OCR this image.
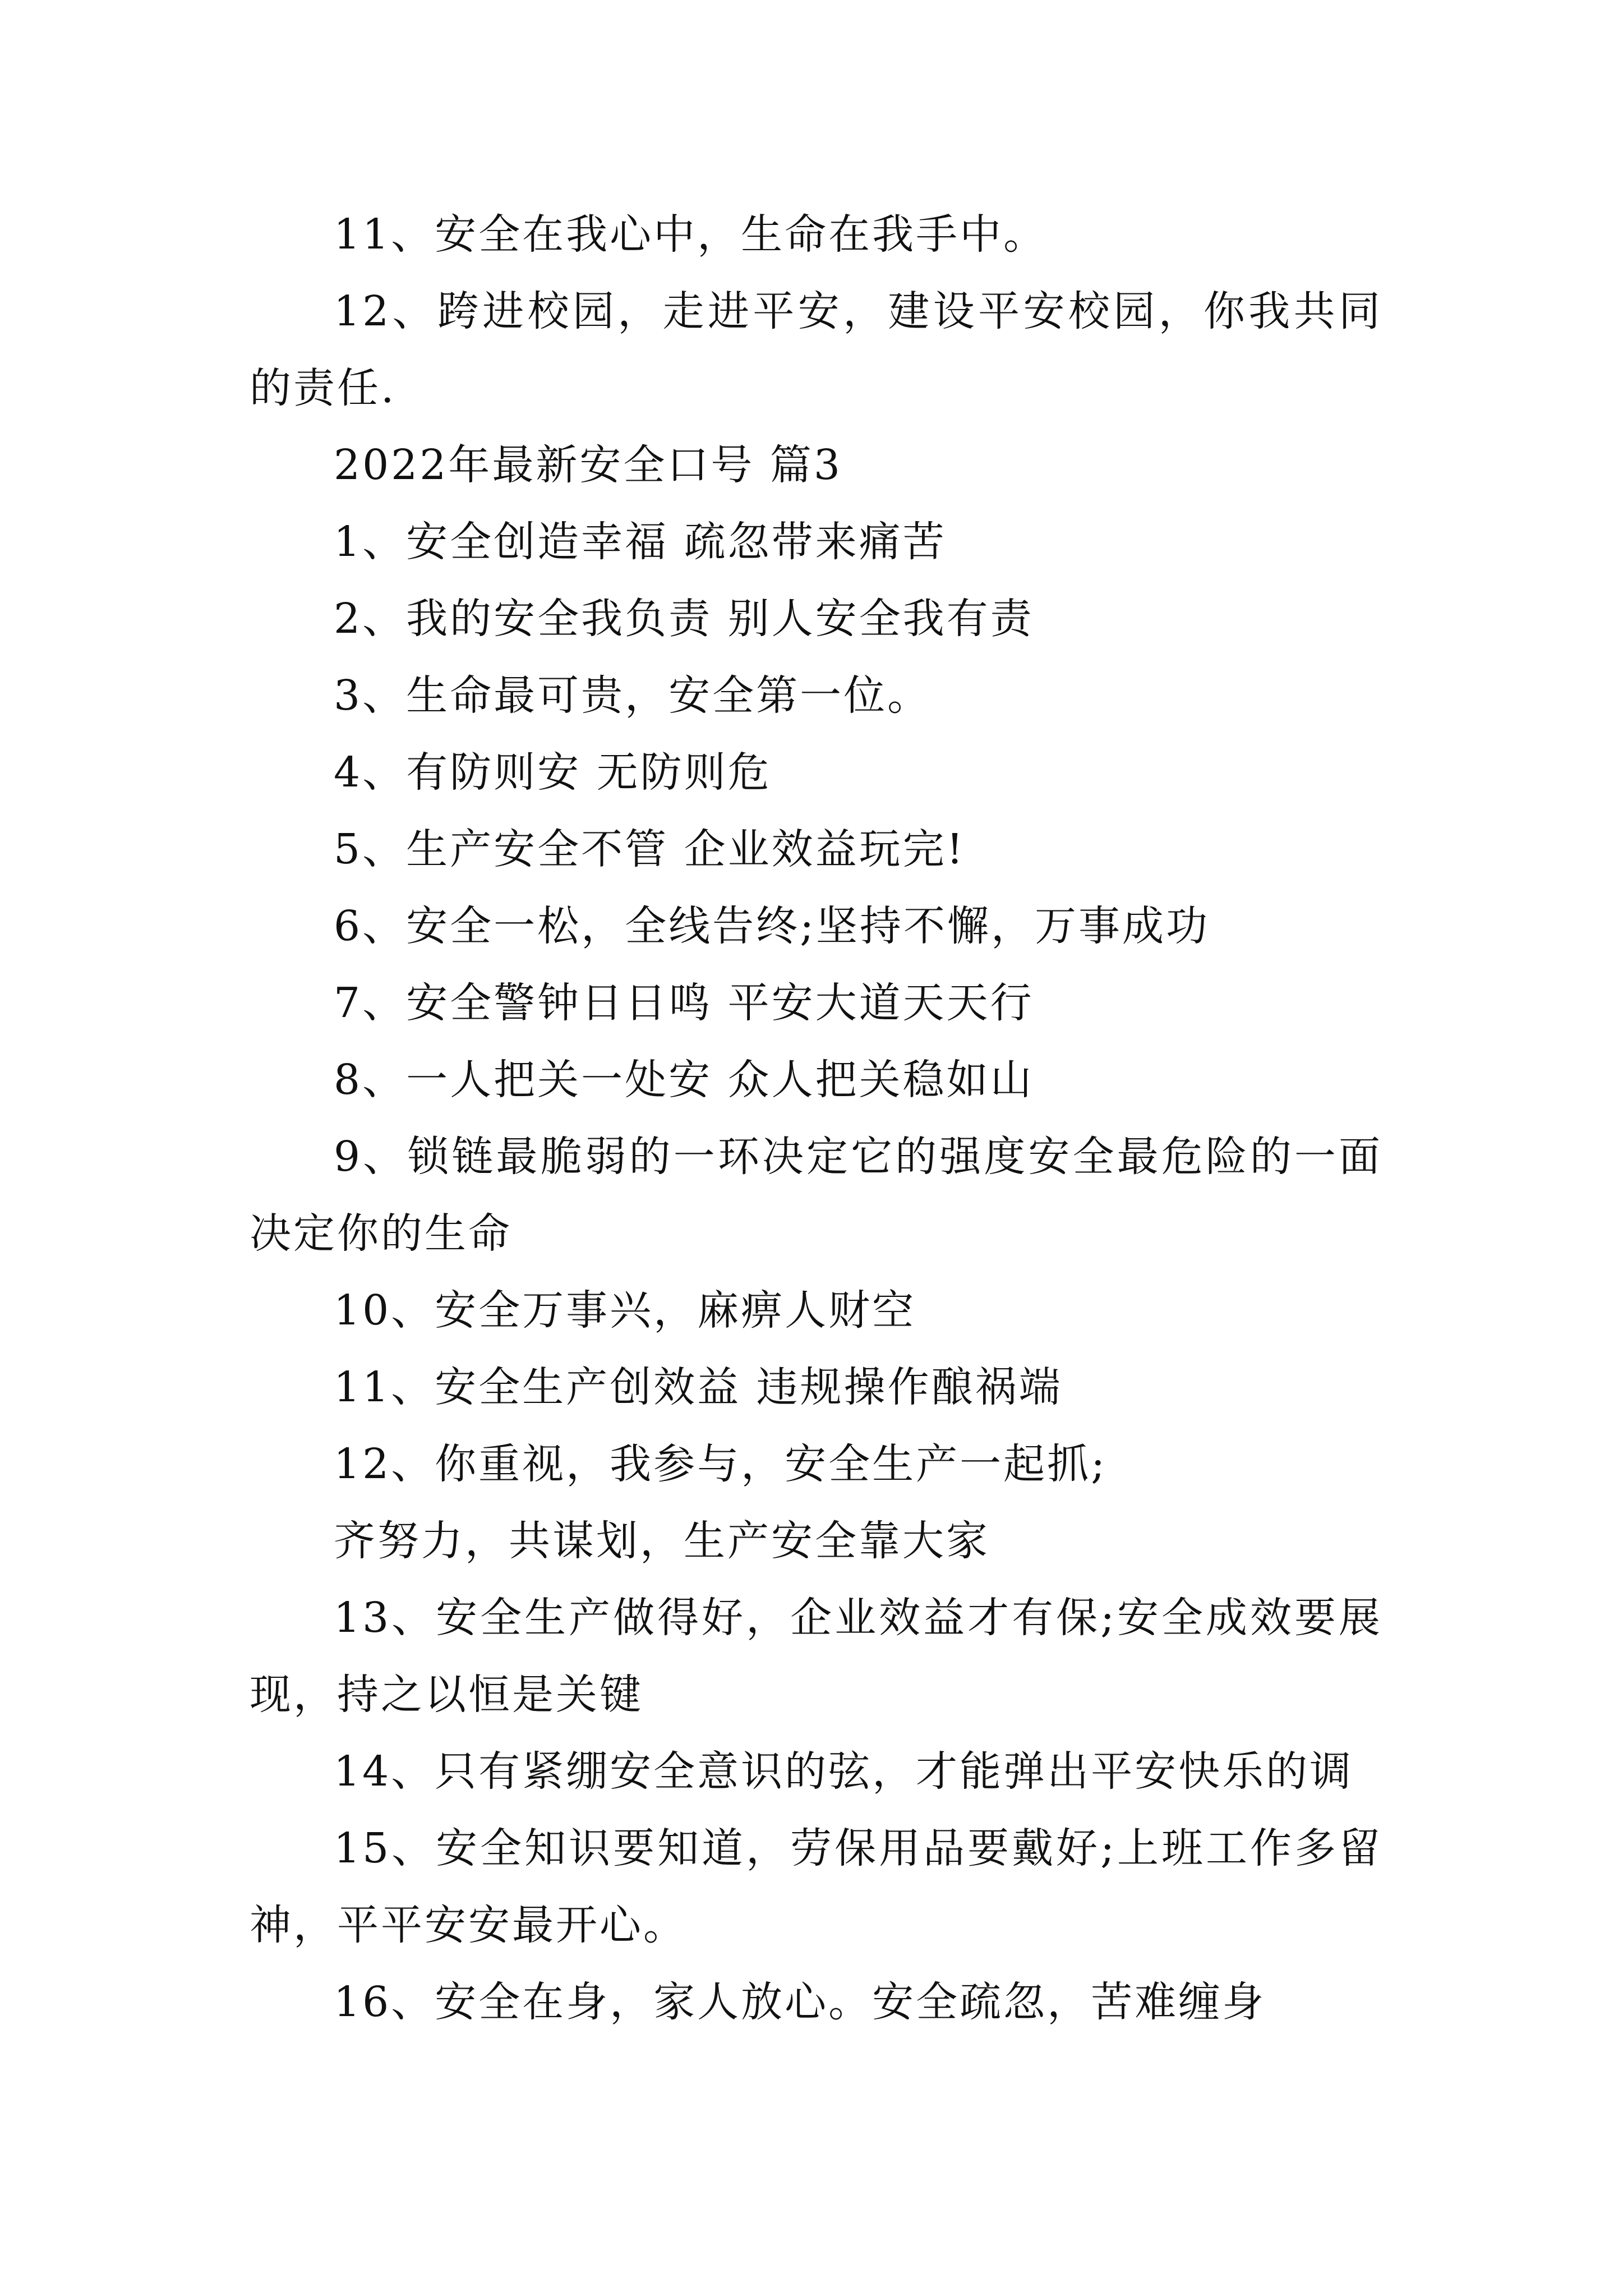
11、安全在我心中，生命在我手中。

12、跨进校园，走进平安，建设平安校园，你我共同的责任.

2022年最新安全口号 篇3

1、安全创造幸福 疏忽带来痛苦

2、我的安全我负责 别人安全我有责

3、生命最可贵，安全第一位。

4、有防则安 无防则危

5、生产安全不管 企业效益玩完!

6、安全一松，全线告终;坚持不懈，万事成功

7、安全警钟日日鸣 平安大道天天行

8、一人把关一处安 众人把关稳如山

9、锁链最脆弱的一环决定它的强度安全最危险的一面决定你的生命

10、安全万事兴，麻痹人财空

11、安全生产创效益 违规操作酿祸端

12、你重视，我参与，安全生产一起抓;

齐努力，共谋划，生产安全靠大家

13、安全生产做得好，企业效益才有保;安全成效要展现，持之以恒是关键

14、只有紧绷安全意识的弦，才能弹出平安快乐的调

15、安全知识要知道，劳保用品要戴好;上班工作多留神，平平安安最开心。

16、安全在身，家人放心。安全疏忽，苦难缠身
